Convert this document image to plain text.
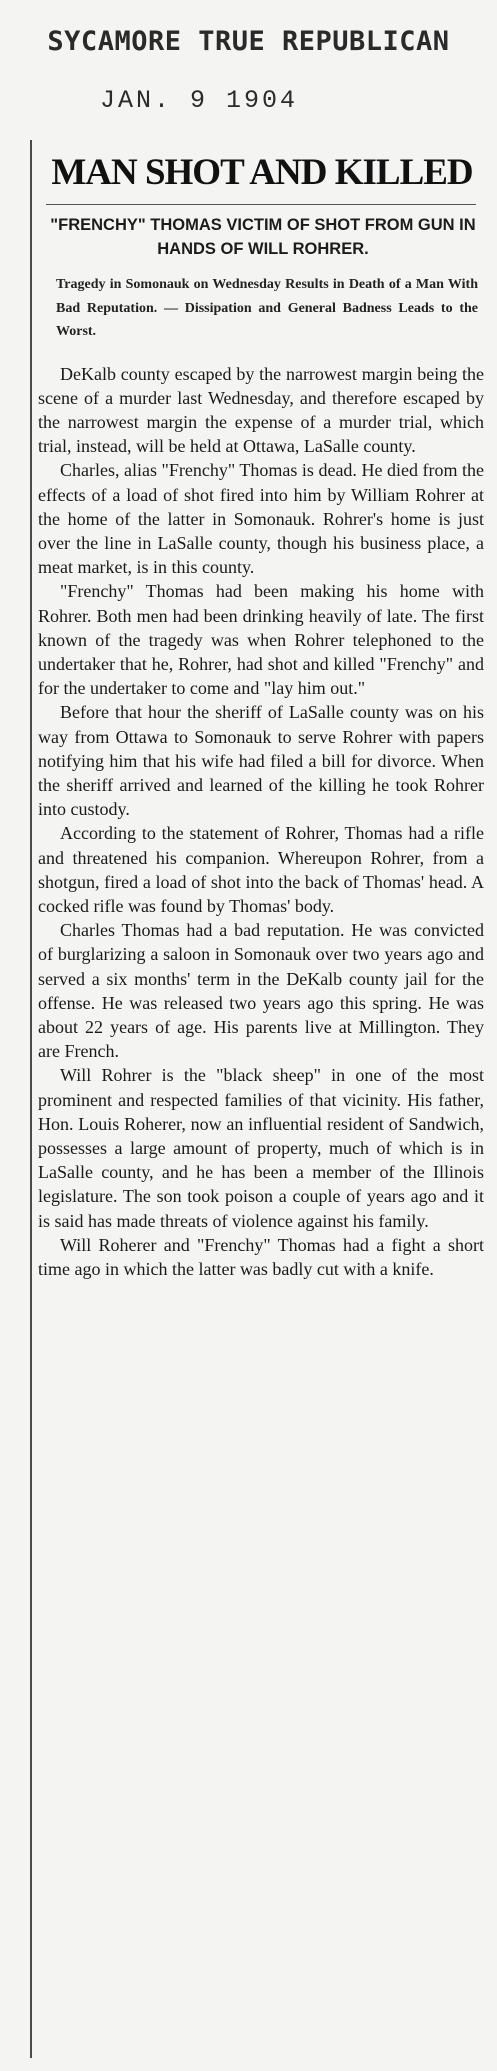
SYCAMORE TRUE REPUBLICAN
JAN. 9 1904
MAN SHOT AND KILLED
"FRENCHY" THOMAS VICTIM OF SHOT FROM GUN IN HANDS OF WILL ROHRER.
Tragedy in Somonauk on Wednesday Results in Death of a Man With Bad Reputation. — Dissipation and General Badness Leads to the Worst.

DeKalb county escaped by the narrowest margin being the scene of a murder last Wednesday, and therefore escaped by the narrowest margin the expense of a murder trial, which trial, instead, will be held at Ottawa, LaSalle county.

Charles, alias "Frenchy" Thomas is dead. He died from the effects of a load of shot fired into him by William Rohrer at the home of the latter in Somonauk. Rohrer's home is just over the line in LaSalle county, though his business place, a meat market, is in this county.

"Frenchy" Thomas had been making his home with Rohrer. Both men had been drinking heavily of late. The first known of the tragedy was when Rohrer telephoned to the undertaker that he, Rohrer, had shot and killed "Frenchy" and for the undertaker to come and "lay him out."

Before that hour the sheriff of LaSalle county was on his way from Ottawa to Somonauk to serve Rohrer with papers notifying him that his wife had filed a bill for divorce. When the sheriff arrived and learned of the killing he took Rohrer into custody.

According to the statement of Rohrer, Thomas had a rifle and threatened his companion. Whereupon Rohrer, from a shotgun, fired a load of shot into the back of Thomas' head. A cocked rifle was found by Thomas' body.

Charles Thomas had a bad reputation. He was convicted of burglarizing a saloon in Somonauk over two years ago and served a six months' term in the DeKalb county jail for the offense. He was released two years ago this spring. He was about 22 years of age. His parents live at Millington. They are French.

Will Rohrer is the "black sheep" in one of the most prominent and respected families of that vicinity. His father, Hon. Louis Roherer, now an influential resident of Sandwich, possesses a large amount of property, much of which is in LaSalle county, and he has been a member of the Illinois legislature. The son took poison a couple of years ago and it is said has made threats of violence against his family.

Will Roherer and "Frenchy" Thomas had a fight a short time ago in which the latter was badly cut with a knife.
